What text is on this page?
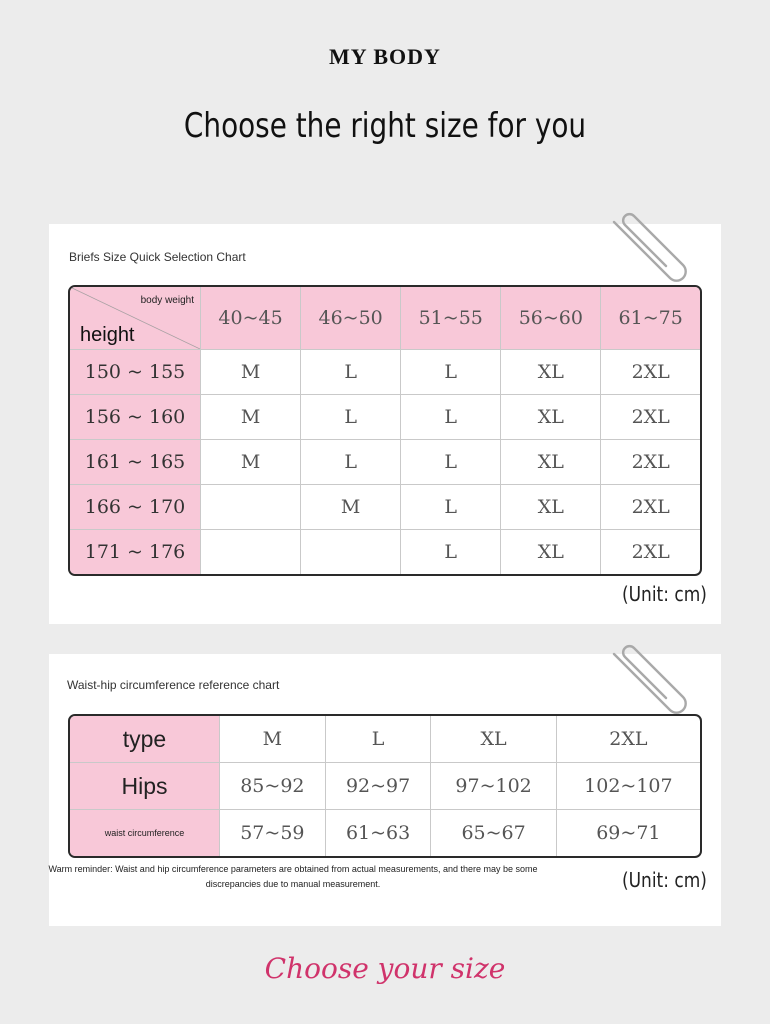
MY BODY
Choose the right size for you
Briefs Size Quick Selection Chart
body weight
height	40~45	46~50	51~55	56~60	61~75
150 ~ 155	M	L	L	XL	2XL
156 ~ 160	M	L	L	XL	2XL
161 ~ 165	M	L	L	XL	2XL
166 ~ 170		M	L	XL	2XL
171 ~ 176			L	XL	2XL
(Unit: cm)
Waist-hip circumference reference chart
type	M	L	XL	2XL
Hips	85~92	92~97	97~102	102~107
waist circumference	57~59	61~63	65~67	69~71
(Unit: cm)
Warm reminder: Waist and hip circumference parameters are obtained from actual measurements, and there may be some
discrepancies due to manual measurement.
Choose your size
